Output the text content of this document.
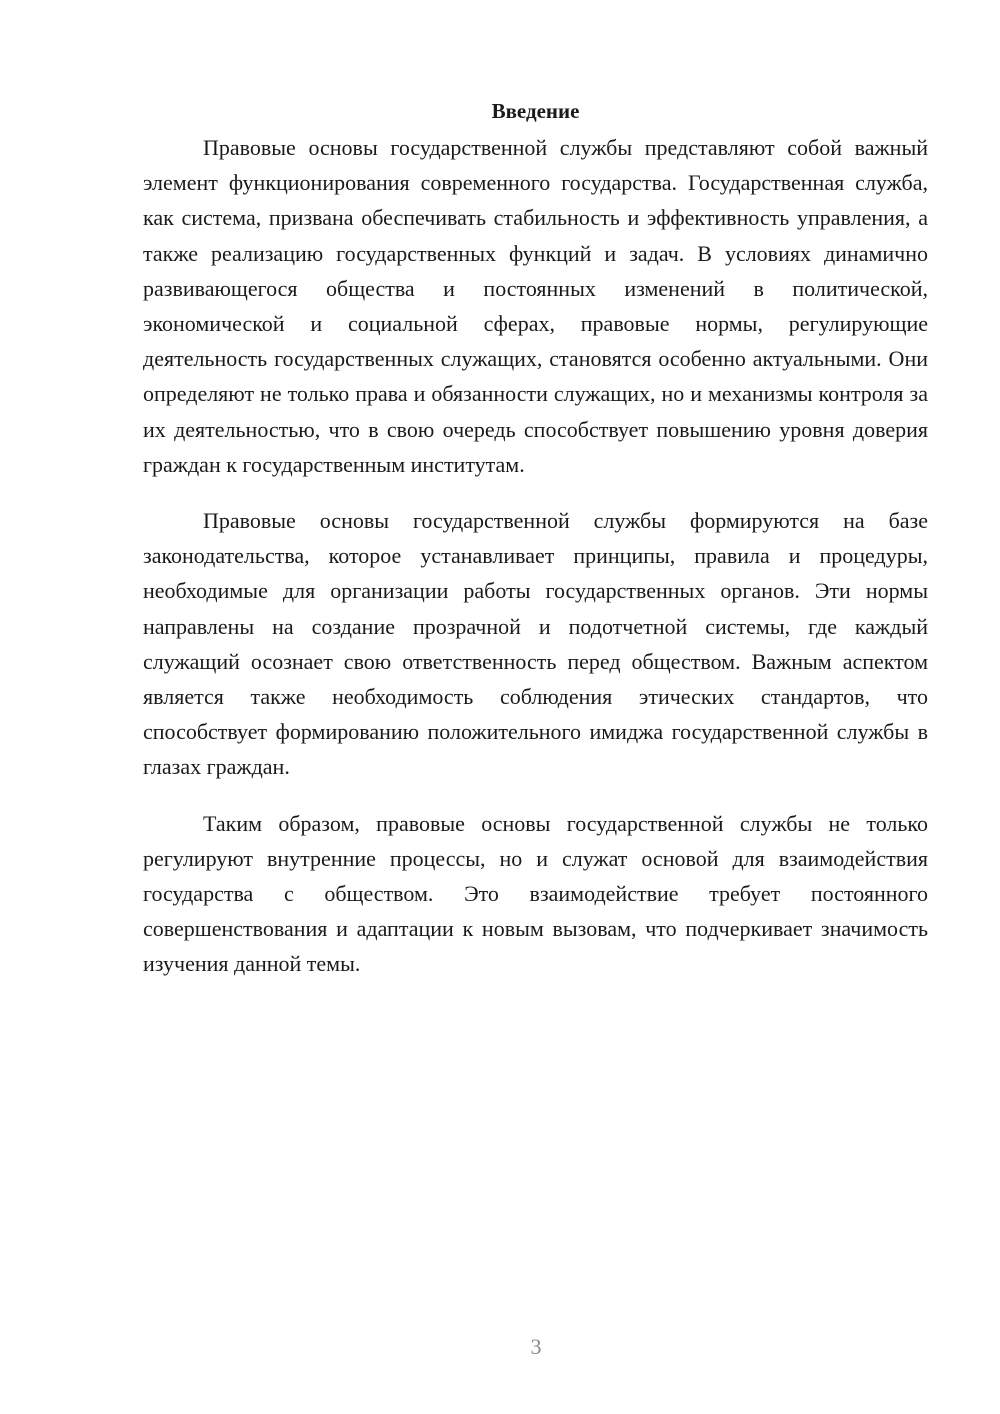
Введение

Правовые основы государственной службы представляют собой важный элемент функционирования современного государства. Государственная служба, как система, призвана обеспечивать стабильность и эффективность управления, а также реализацию государственных функций и задач. В условиях динамично развивающегося общества и постоянных изменений в политической, экономической и социальной сферах, правовые нормы, регулирующие деятельность государственных служащих, становятся особенно актуальными. Они определяют не только права и обязанности служащих, но и механизмы контроля за их деятельностью, что в свою очередь способствует повышению уровня доверия граждан к государственным институтам.

Правовые основы государственной службы формируются на базе законодательства, которое устанавливает принципы, правила и процедуры, необходимые для организации работы государственных органов. Эти нормы направлены на создание прозрачной и подотчетной системы, где каждый служащий осознает свою ответственность перед обществом. Важным аспектом является также необходимость соблюдения этических стандартов, что способствует формированию положительного имиджа государственной службы в глазах граждан.

Таким образом, правовые основы государственной службы не только регулируют внутренние процессы, но и служат основой для взаимодействия государства с обществом. Это взаимодействие требует постоянного совершенствования и адаптации к новым вызовам, что подчеркивает значимость изучения данной темы.

3
